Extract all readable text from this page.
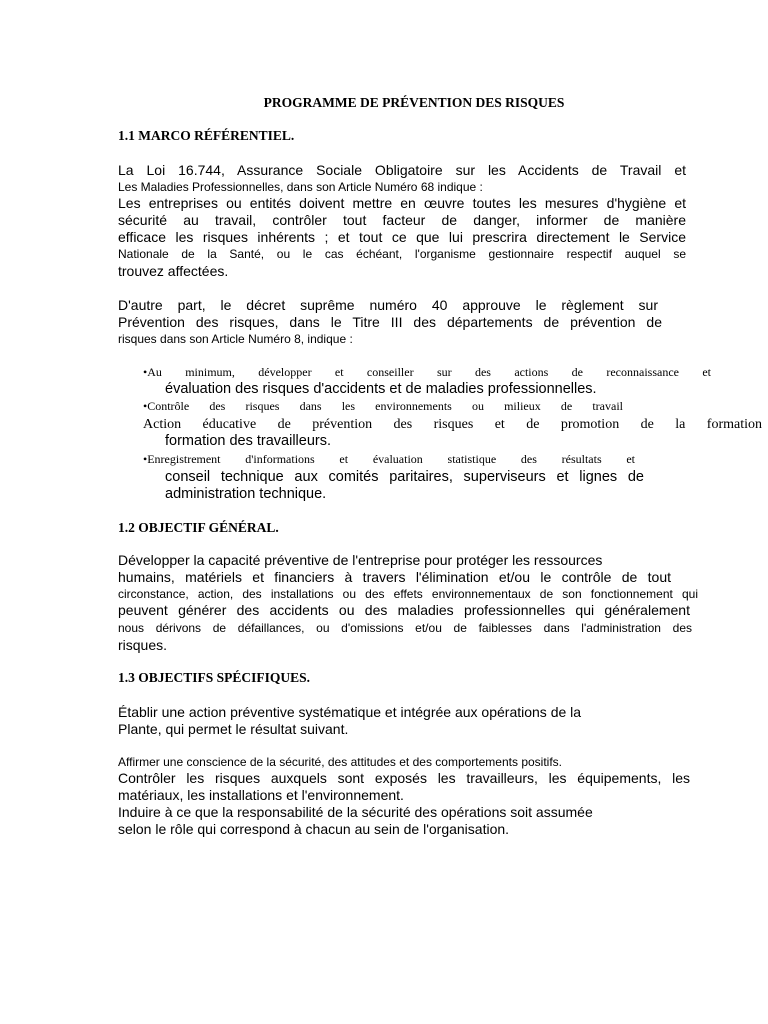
PROGRAMME DE PRÉVENTION DES RISQUES
1.1 MARCO RÉFÉRENTIEL.
La Loi 16.744, Assurance Sociale Obligatoire sur les Accidents de Travail et
Les Maladies Professionnelles, dans son Article Numéro 68 indique :
Les entreprises ou entités doivent mettre en œuvre toutes les mesures d'hygiène et
sécurité au travail, contrôler tout facteur de danger, informer de manière
efficace les risques inhérents ; et tout ce que lui prescrira directement le Service
Nationale de la Santé, ou le cas échéant, l'organisme gestionnaire respectif auquel se
trouvez affectées.
D'autre part, le décret suprême numéro 40 approuve le règlement sur
Prévention des risques, dans le Titre III des départements de prévention de
risques dans son Article Numéro 8, indique :
•Au minimum, développer et conseiller sur des actions de reconnaissance et
évaluation des risques d'accidents et de maladies professionnelles.
•Contrôle des risques dans les environnements ou milieux de travail
Action éducative de prévention des risques et de promotion de la formation
formation des travailleurs.
•Enregistrement d'informations et évaluation statistique des résultats et
conseil technique aux comités paritaires, superviseurs et lignes de
administration technique.
1.2 OBJECTIF GÉNÉRAL.
Développer la capacité préventive de l'entreprise pour protéger les ressources
humains, matériels et financiers à travers l'élimination et/ou le contrôle de tout
circonstance, action, des installations ou des effets environnementaux de son fonctionnement qui
peuvent générer des accidents ou des maladies professionnelles qui généralement
nous dérivons de défaillances, ou d'omissions et/ou de faiblesses dans l'administration des
risques.
1.3 OBJECTIFS SPÉCIFIQUES.
Établir une action préventive systématique et intégrée aux opérations de la
Plante, qui permet le résultat suivant.
Affirmer une conscience de la sécurité, des attitudes et des comportements positifs.
Contrôler les risques auxquels sont exposés les travailleurs, les équipements, les
matériaux, les installations et l'environnement.
Induire à ce que la responsabilité de la sécurité des opérations soit assumée
selon le rôle qui correspond à chacun au sein de l'organisation.
